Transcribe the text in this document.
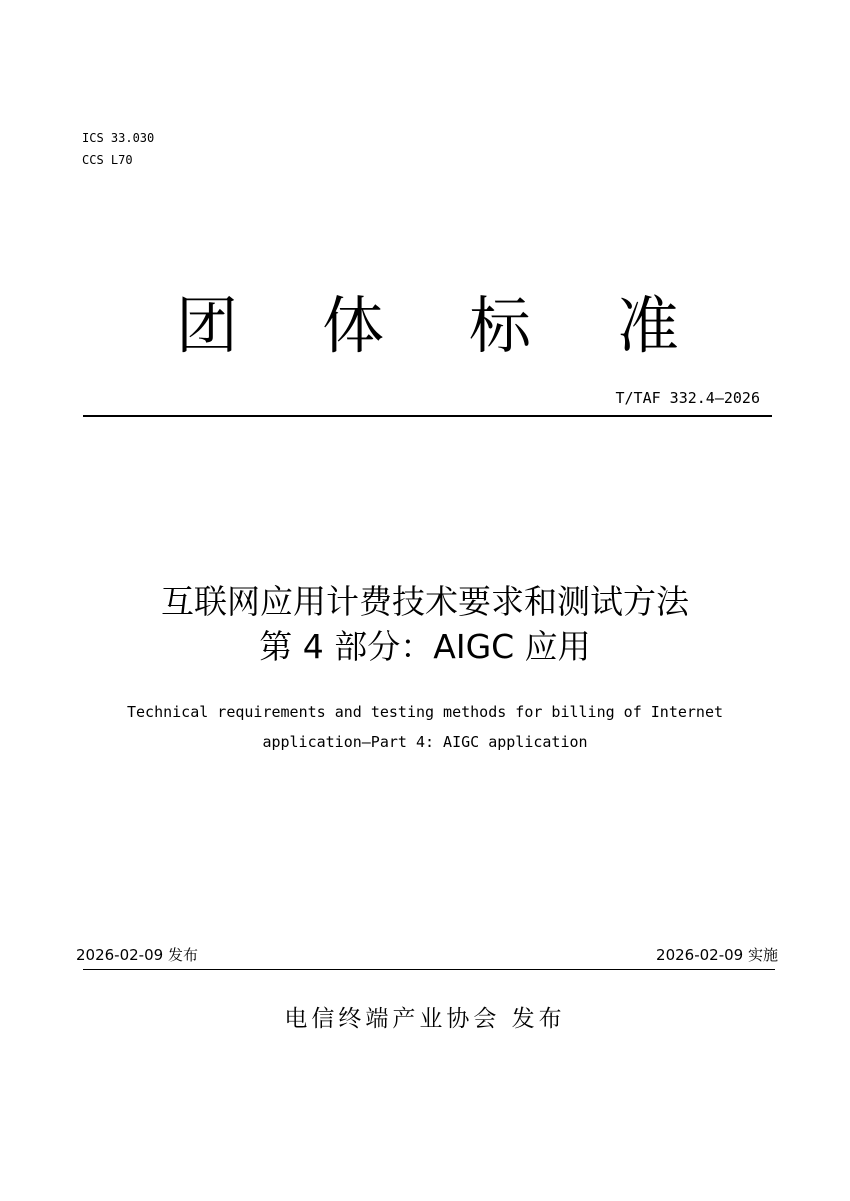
ICS 33.030
CCS L70
团 体 标 准
T/TAF 332.4—2026
互联网应用计费技术要求和测试方法
第 4 部分：AIGC 应用
Technical requirements and testing methods for billing of Internet
application—Part 4: AIGC application
2026-02-09 发布	2026-02-09 实施
电信终端产业协会 发布
